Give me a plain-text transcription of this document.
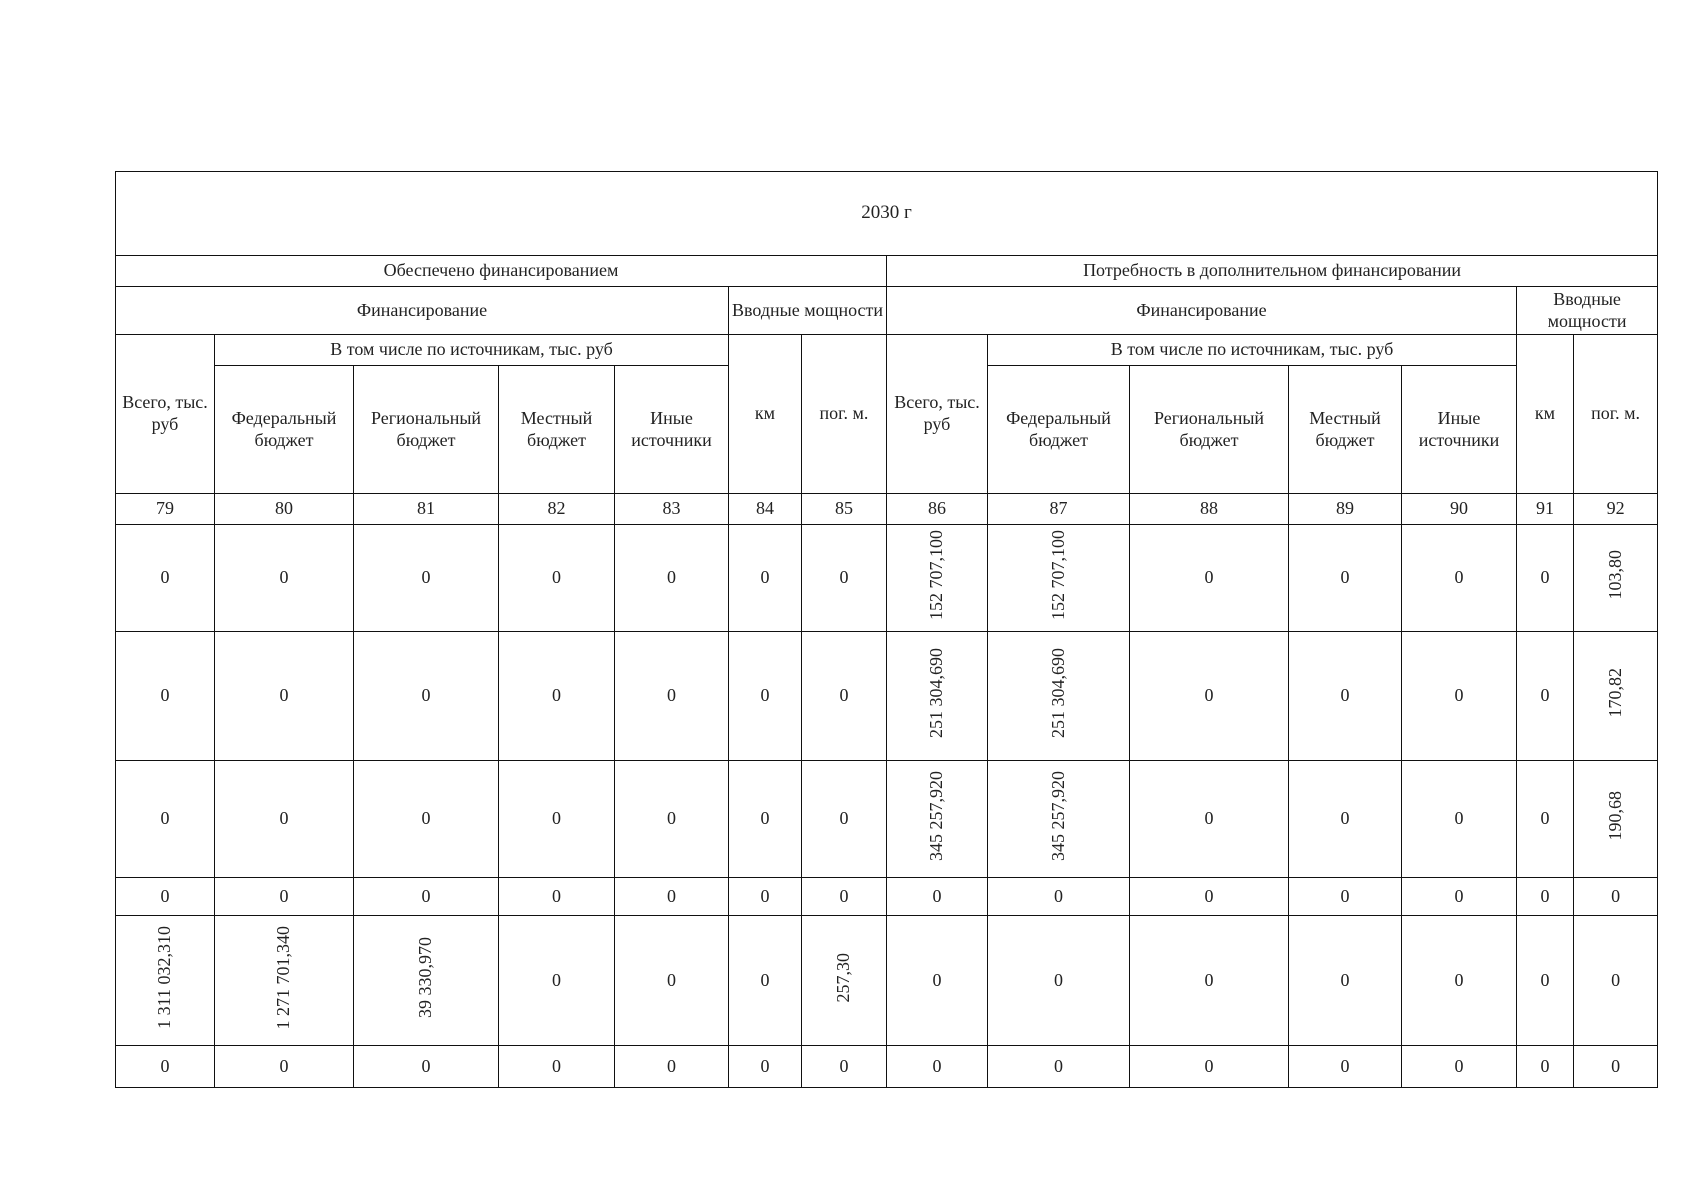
2030 г													
Обеспечено финансированием							Потребность в дополнительном финансировании						
Финансирование					Вводные мощности		Финансирование					Вводные мощности	
Всего, тыс. руб	В том числе по источникам, тыс. руб				км	пог. м.	Всего, тыс. руб	В том числе по источникам, тыс. руб				км	пог. м.
	Федеральный бюджет	Региональный бюджет	Местный бюджет	Иные источники				Федеральный бюджет	Региональный бюджет	Местный бюджет	Иные источники		
79	80	81	82	83	84	85	86	87	88	89	90	91	92
0	0	0	0	0	0	0	152 707,100	152 707,100	0	0	0	0	103,80
0	0	0	0	0	0	0	251 304,690	251 304,690	0	0	0	0	170,82
0	0	0	0	0	0	0	345 257,920	345 257,920	0	0	0	0	190,68
0	0	0	0	0	0	0	0	0	0	0	0	0	0
1 311 032,310	1 271 701,340	39 330,970	0	0	0	257,30	0	0	0	0	0	0	0
0	0	0	0	0	0	0	0	0	0	0	0	0	0
